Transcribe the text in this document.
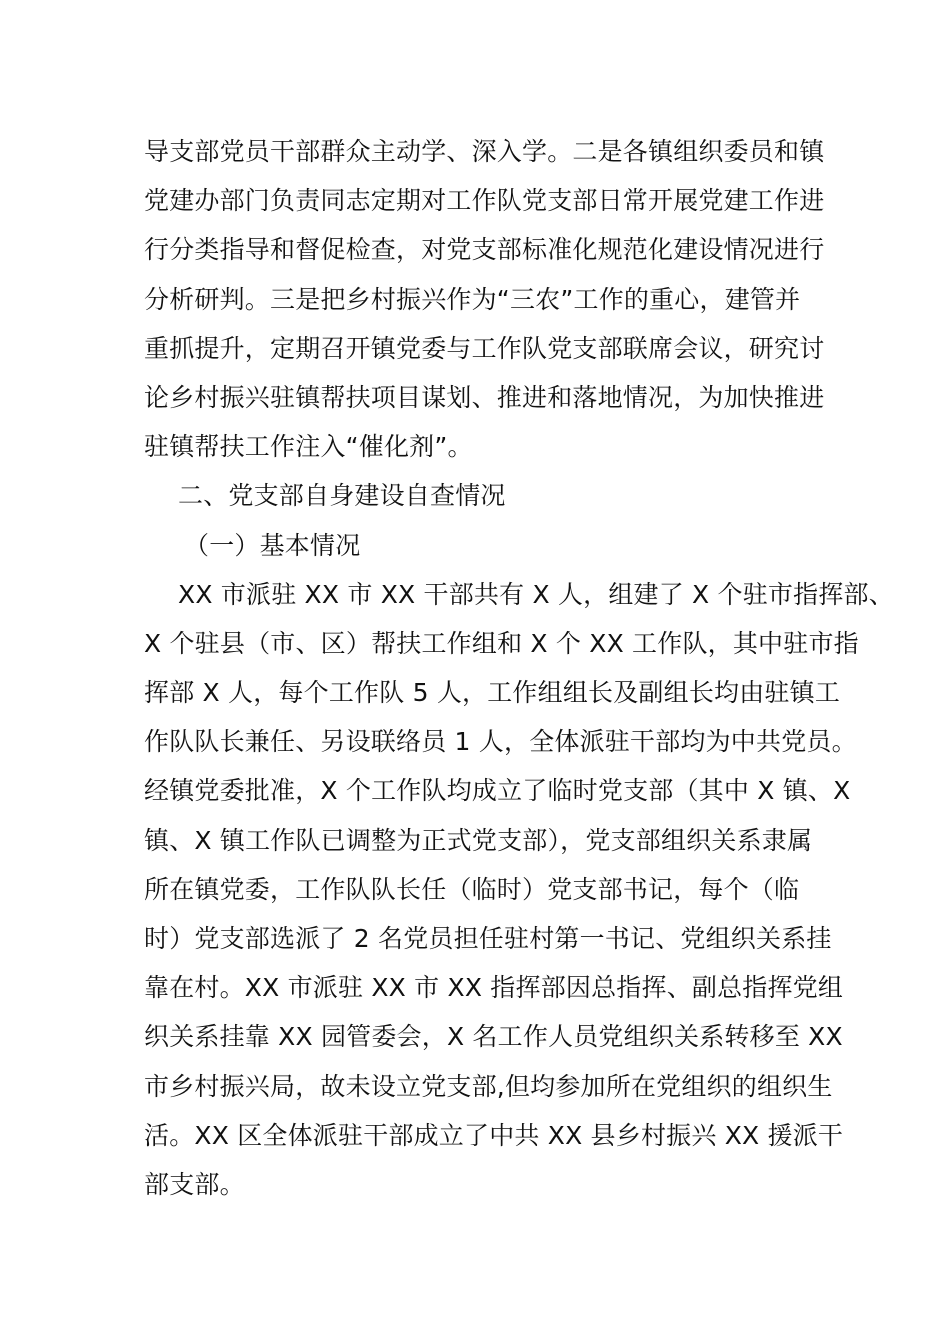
导支部党员干部群众主动学、深入学。二是各镇组织委员和镇
党建办部门负责同志定期对工作队党支部日常开展党建工作进
行分类指导和督促检查，对党支部标准化规范化建设情况进行
分析研判。三是把乡村振兴作为“三农”工作的重心，建管并
重抓提升，定期召开镇党委与工作队党支部联席会议，研究讨
论乡村振兴驻镇帮扶项目谋划、推进和落地情况，为加快推进
驻镇帮扶工作注入“催化剂”。
二、党支部自身建设自查情况
（一）基本情况
XX 市派驻 XX 市 XX 干部共有 X 人，组建了 X 个驻市指挥部、
X 个驻县（市、区）帮扶工作组和 X 个 XX 工作队，其中驻市指
挥部 X 人，每个工作队 5 人，工作组组长及副组长均由驻镇工
作队队长兼任、另设联络员 1 人，全体派驻干部均为中共党员。
经镇党委批准，X 个工作队均成立了临时党支部（其中 X 镇、X
镇、X 镇工作队已调整为正式党支部），党支部组织关系隶属
所在镇党委，工作队队长任（临时）党支部书记，每个（临
时）党支部选派了 2 名党员担任驻村第一书记、党组织关系挂
靠在村。XX 市派驻 XX 市 XX 指挥部因总指挥、副总指挥党组
织关系挂靠 XX 园管委会，X 名工作人员党组织关系转移至 XX
市乡村振兴局，故未设立党支部,但均参加所在党组织的组织生
活。XX 区全体派驻干部成立了中共 XX 县乡村振兴 XX 援派干
部支部。
